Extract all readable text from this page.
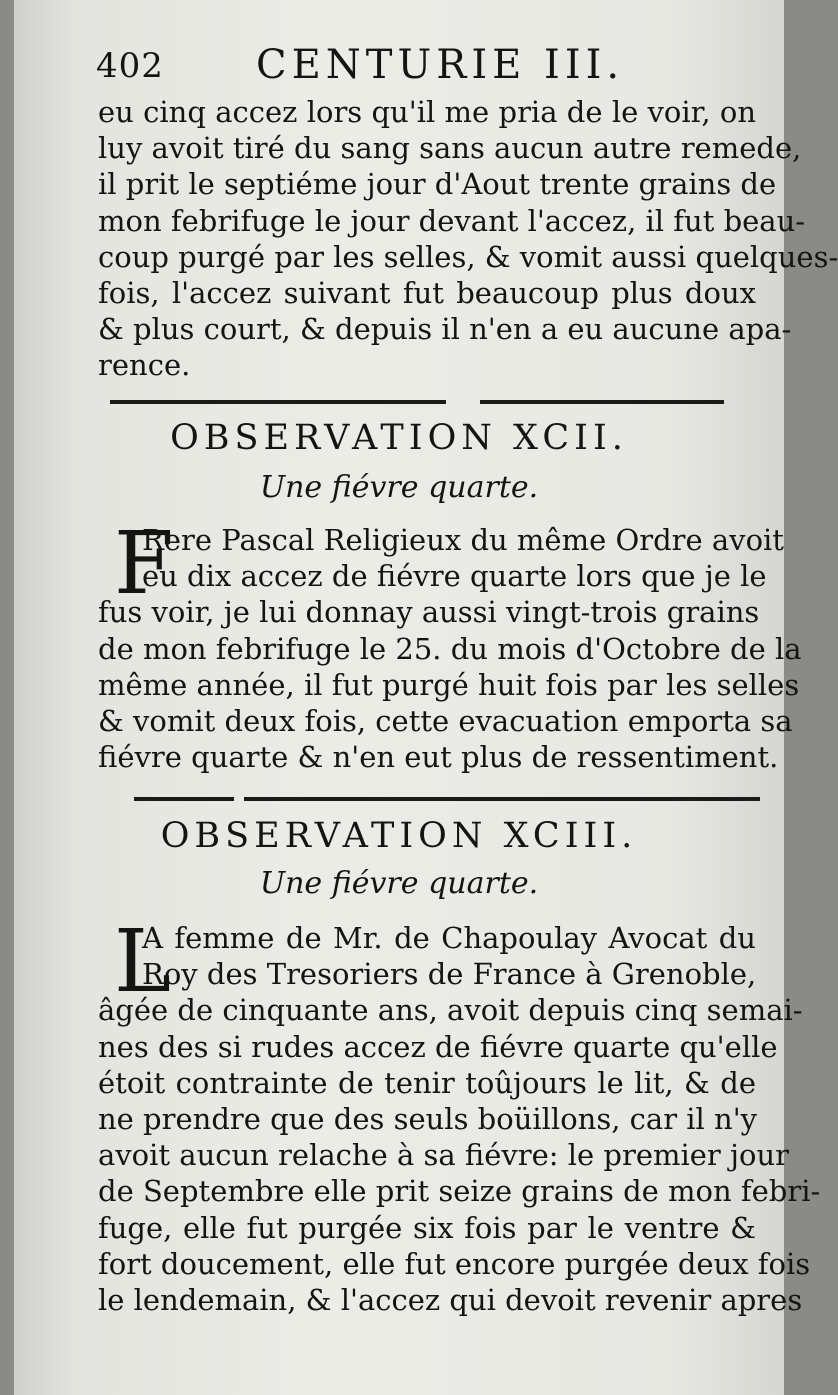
402 CENTURIE III.
eu cinq accez lors qu'il me pria de le voir, on
luy avoit tiré du sang sans aucun autre remede,
il prit le septiéme jour d'Aout trente grains de
mon febrifuge le jour devant l'accez, il fut beau-
coup purgé par les selles, & vomit aussi quelques-
fois, l'accez suivant fut beaucoup plus doux
& plus court, & depuis il n'en a eu aucune apa-
rence.
OBSERVATION XCII.
Une fiévre quarte.
F
Rere Pascal Religieux du même Ordre avoit
eu dix accez de fiévre quarte lors que je le
fus voir, je lui donnay aussi vingt-trois grains
de mon febrifuge le 25. du mois d'Octobre de la
même année, il fut purgé huit fois par les selles
& vomit deux fois, cette evacuation emporta sa
fiévre quarte & n'en eut plus de ressentiment.
OBSERVATION XCIII.
Une fiévre quarte.
L
A femme de Mr. de Chapoulay Avocat du
Roy des Tresoriers de France à Grenoble,
âgée de cinquante ans, avoit depuis cinq semai-
nes des si rudes accez de fiévre quarte qu'elle
étoit contrainte de tenir toûjours le lit, & de
ne prendre que des seuls boüillons, car il n'y
avoit aucun relache à sa fiévre: le premier jour
de Septembre elle prit seize grains de mon febri-
fuge, elle fut purgée six fois par le ventre &
fort doucement, elle fut encore purgée deux fois
le lendemain, & l'accez qui devoit revenir apres
